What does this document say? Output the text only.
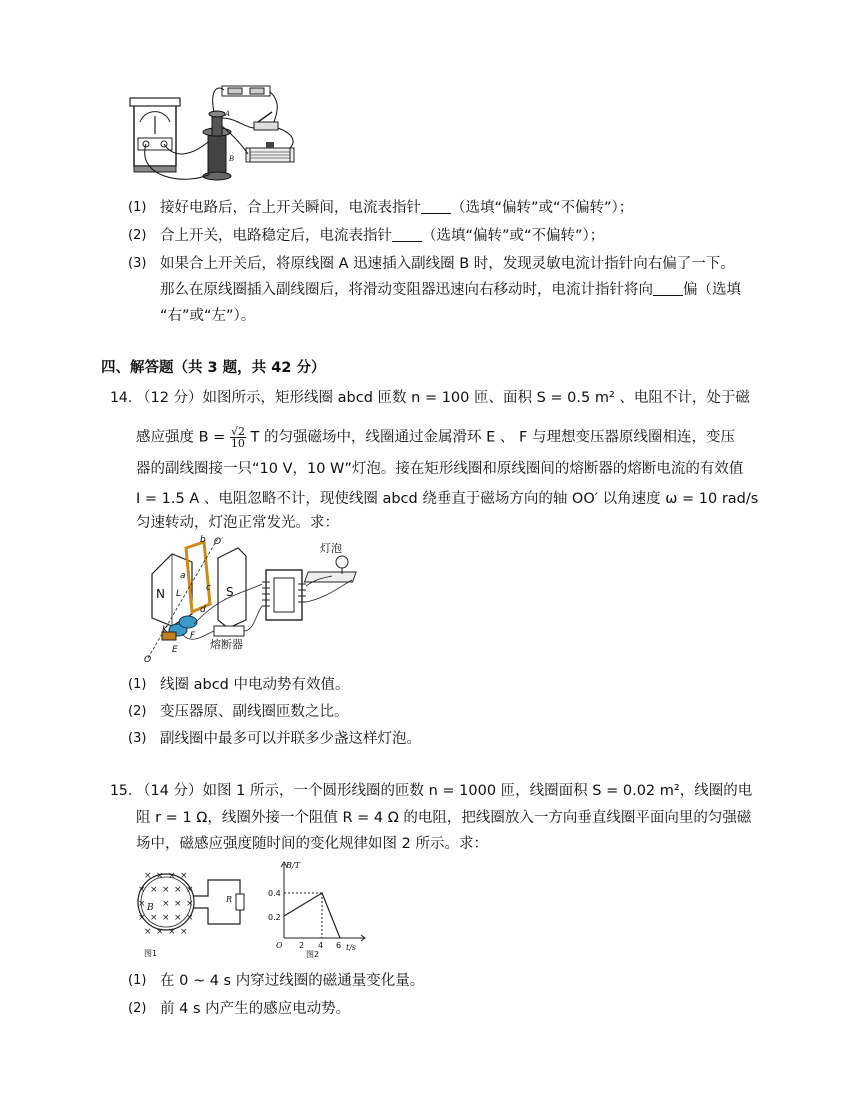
A
B
(1) 接好电路后，合上开关瞬间，电流表指针 （选填“偏转”或“不偏转”）；
(2) 合上开关，电路稳定后，电流表指针 （选填“偏转”或“不偏转”）；
(3) 如果合上开关后，将原线圈 A 迅速插入副线圈 B 时，发现灵敏电流计指针向右偏了一下。
那么在原线圈插入副线圈后，将滑动变阻器迅速向右移动时，电流计指针将向 偏（选填
“右”或“左”）。
四、解答题（共 3 题，共 42 分）
14. （12 分）如图所示，矩形线圈 abcd 匝数 n = 100 匝、面积 S = 0.5 m² 、电阻不计，处于磁
感应强度 $B = \frac{√2}{10}$ T 的匀强磁场中，线圈通过金属滑环 E 、 F 与理想变压器原线圈相连，变压
器的副线圈接一只“10 V，10 W”灯泡。接在矩形线圈和原线圈间的熔断器的熔断电流的有效值
I = 1.5 A 、电阻忽略不计，现使线圈 abcd 绕垂直于磁场方向的轴 OO′ 以角速度 ω = 10 rad/s
匀速转动，灯泡正常发光。求：
N	S
b
a
L
c
d
O′
O
K
E
F
熔断器
灯泡
(1) 线圈 abcd 中电动势有效值。
(2) 变压器原、副线圈匝数之比。
(3) 副线圈中最多可以并联多少盏这样灯泡。
15. （14 分）如图 1 所示，一个圆形线圈的匝数 n = 1000 匝，线圈面积 S = 0.02 m²，线圈的电
阻 r = 1 Ω，线圈外接一个阻值 R = 4 Ω 的电阻，把线圈放入一方向垂直线圈平面向里的匀强磁
场中，磁感应强度随时间的变化规律如图 2 所示。求：
× × × ×
× × × × ×
× × × ×
× × × × ×
× × × ×
B
R
图1
B/T
t/s
O
0.4
0.2
2 4 6
图2
(1) 在 0 ~ 4 s 内穿过线圈的磁通量变化量。
(2) 前 4 s 内产生的感应电动势。
